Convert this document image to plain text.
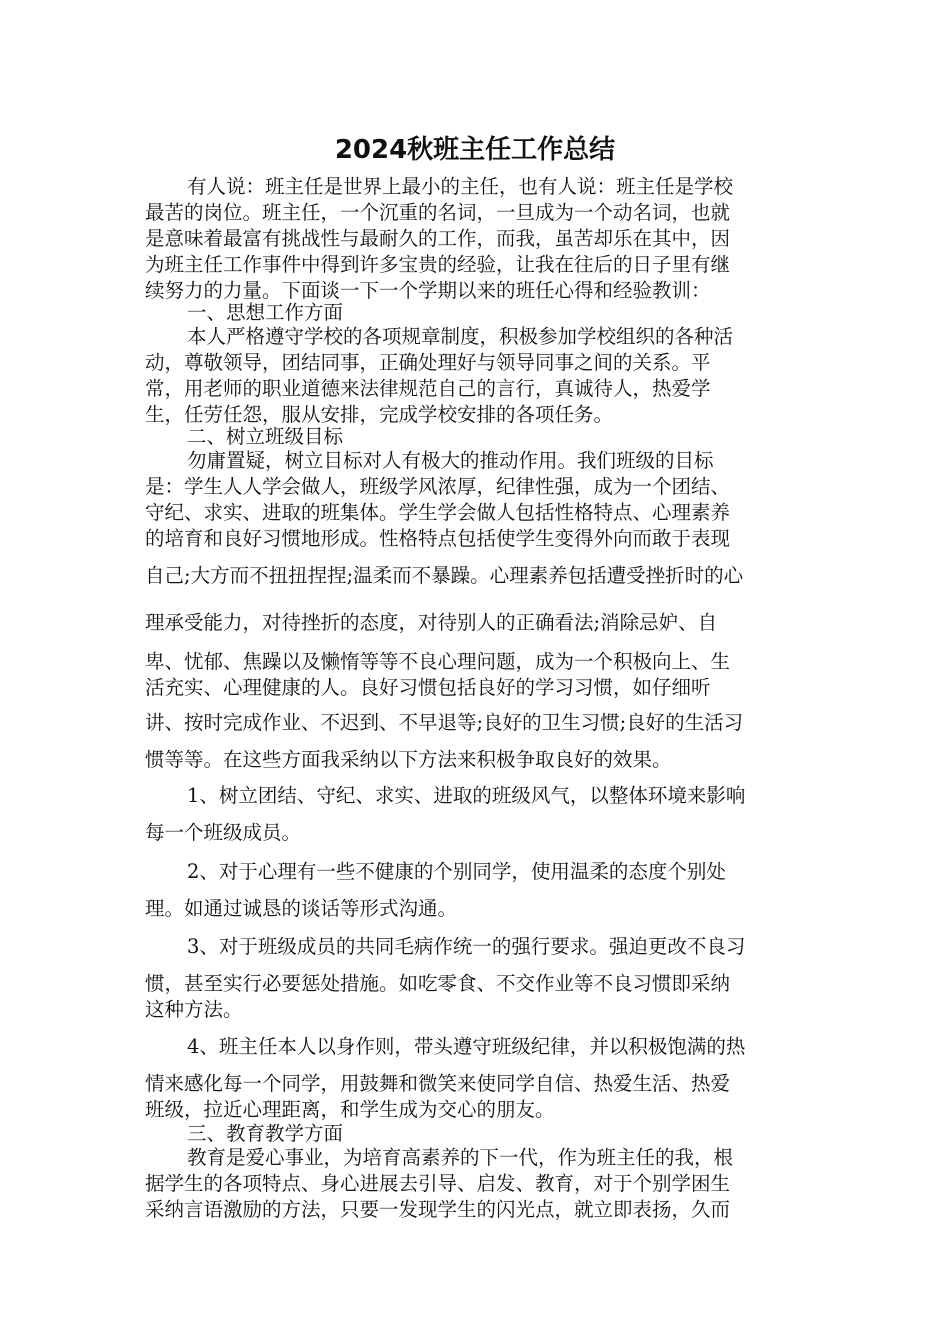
2024秋班主任工作总结
有人说：班主任是世界上最小的主任，也有人说：班主任是学校
最苦的岗位。班主任，一个沉重的名词，一旦成为一个动名词，也就
是意味着最富有挑战性与最耐久的工作，而我，虽苦却乐在其中，因
为班主任工作事件中得到许多宝贵的经验，让我在往后的日子里有继
续努力的力量。下面谈一下一个学期以来的班任心得和经验教训：
一、思想工作方面
本人严格遵守学校的各项规章制度，积极参加学校组织的各种活
动，尊敬领导，团结同事，正确处理好与领导同事之间的关系。平
常，用老师的职业道德来法律规范自己的言行，真诚待人，热爱学
生，任劳任怨，服从安排，完成学校安排的各项任务。
二、树立班级目标
勿庸置疑，树立目标对人有极大的推动作用。我们班级的目标
是：学生人人学会做人，班级学风浓厚，纪律性强，成为一个团结、
守纪、求实、进取的班集体。学生学会做人包括性格特点、心理素养
的培育和良好习惯地形成。性格特点包括使学生变得外向而敢于表现
自己;大方而不扭扭捏捏;温柔而不暴躁。心理素养包括遭受挫折时的心
理承受能力，对待挫折的态度，对待别人的正确看法;消除忌妒、自
卑、忧郁、焦躁以及懒惰等等不良心理问题，成为一个积极向上、生
活充实、心理健康的人。良好习惯包括良好的学习习惯，如仔细听
讲、按时完成作业、不迟到、不早退等;良好的卫生习惯;良好的生活习
惯等等。在这些方面我采纳以下方法来积极争取良好的效果。
1、树立团结、守纪、求实、进取的班级风气，以整体环境来影响
每一个班级成员。
2、对于心理有一些不健康的个别同学，使用温柔的态度个别处
理。如通过诚恳的谈话等形式沟通。
3、对于班级成员的共同毛病作统一的强行要求。强迫更改不良习
惯，甚至实行必要惩处措施。如吃零食、不交作业等不良习惯即采纳
这种方法。
4、班主任本人以身作则，带头遵守班级纪律，并以积极饱满的热
情来感化每一个同学，用鼓舞和微笑来使同学自信、热爱生活、热爱
班级，拉近心理距离，和学生成为交心的朋友。
三、教育教学方面
教育是爱心事业，为培育高素养的下一代，作为班主任的我，根
据学生的各项特点、身心进展去引导、启发、教育，对于个别学困生
采纳言语激励的方法，只要一发现学生的闪光点，就立即表扬，久而
